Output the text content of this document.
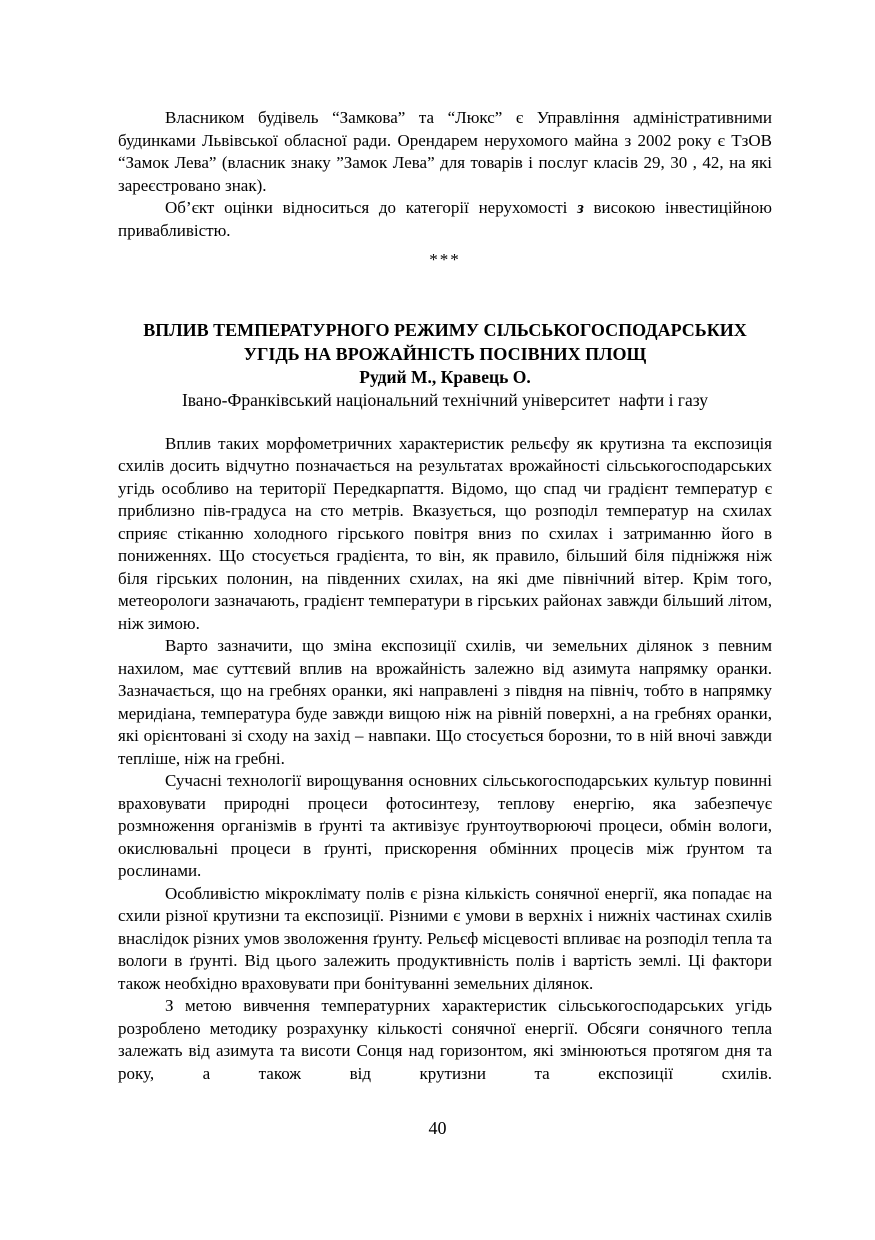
Власником будівель “Замкова” та “Люкс” є Управління адміністративними будинками Львівської обласної ради. Орендарем нерухомого майна з 2002 року є ТзОВ “Замок Лева” (власник знаку ”Замок Лева” для товарів і послуг класів 29, 30 , 42, на які зареєстровано знак).

Об’єкт оцінки відноситься до категорії нерухомості з високою інвестиційною привабливістю.

***
ВПЛИВ ТЕМПЕРАТУРНОГО РЕЖИМУ СІЛЬСЬКОГОСПОДАРСЬКИХ
УГІДЬ НА ВРОЖАЙНІСТЬ ПОСІВНИХ ПЛОЩ
Рудий М., Кравець О.
Івано-Франківський національний технічний університет  нафти і газу

Вплив таких морфометричних характеристик рельєфу як крутизна та експозиція схилів досить відчутно позначається на результатах врожайності сільськогосподарських угідь особливо на території Передкарпаття. Відомо, що спад чи градієнт температур є приблизно пів-градуса на сто метрів. Вказується, що розподіл температур на схилах сприяє стіканню холодного гірського повітря вниз по схилах і затриманню його в пониженнях. Що стосується градієнта, то він, як правило, більший біля підніжжя ніж біля гірських полонин, на південних схилах, на які дме північний вітер. Крім того, метеорологи зазначають, градієнт температури в гірських районах завжди більший літом, ніж зимою.

Варто зазначити, що зміна експозиції схилів, чи земельних ділянок з певним нахилом, має суттєвий вплив на врожайність залежно від азимута напрямку оранки. Зазначається, що на гребнях оранки, які направлені з півдня на північ, тобто в напрямку меридіана, температура буде завжди вищою ніж на рівній поверхні, а на гребнях оранки, які орієнтовані зі сходу на захід – навпаки. Що стосується борозни, то в ній вночі завжди тепліше, ніж на гребні.

Сучасні технології вирощування основних сільськогосподарських культур повинні враховувати природні процеси фотосинтезу, теплову енергію, яка забезпечує розмноження організмів в ґрунті та активізує ґрунтоутворюючі процеси, обмін вологи, окислювальні процеси в ґрунті, прискорення обмінних процесів між ґрунтом та рослинами.

Особливістю мікроклімату полів є різна кількість сонячної енергії, яка попадає на схили різної крутизни та експозиції. Різними є умови в верхніх і нижніх частинах схилів внаслідок різних умов зволоження ґрунту. Рельєф місцевості впливає на розподіл тепла та вологи в ґрунті. Від цього залежить продуктивність полів і вартість землі. Ці фактори також необхідно враховувати при бонітуванні земельних ділянок.

З метою вивчення температурних характеристик сільськогосподарських угідь розроблено методику розрахунку кількості сонячної енергії. Обсяги сонячного тепла залежать від азимута та висоти Сонця над горизонтом, які змінюються протягом дня та року, а також від крутизни та експозиції схилів.

40
